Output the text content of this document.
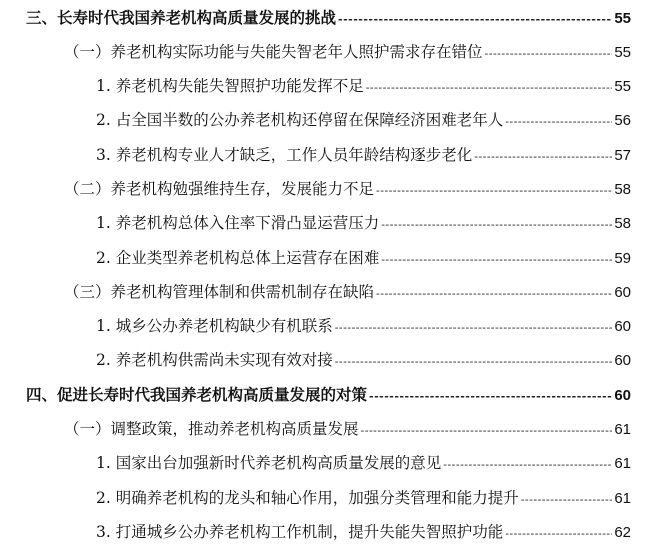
三、长寿时代我国养老机构高质量发展的挑战 -----	55
（一）养老机构实际功能与失能失智老年人照护需求存在错位 -----	55
1. 养老机构失能失智照护功能发挥不足 -----	55
2. 占全国半数的公办养老机构还停留在保障经济困难老年人 -----	56
3. 养老机构专业人才缺乏，工作人员年龄结构逐步老化 -----	57
（二）养老机构勉强维持生存，发展能力不足 -----	58
1. 养老机构总体入住率下滑凸显运营压力 -----	58
2. 企业类型养老机构总体上运营存在困难 -----	59
（三）养老机构管理体制和供需机制存在缺陷 -----	60
1. 城乡公办养老机构缺少有机联系 -----	60
2. 养老机构供需尚未实现有效对接 -----	60
四、促进长寿时代我国养老机构高质量发展的对策 -----	60
（一）调整政策，推动养老机构高质量发展 -----	61
1. 国家出台加强新时代养老机构高质量发展的意见 -----	61
2. 明确养老机构的龙头和轴心作用，加强分类管理和能力提升 -----	61
3. 打通城乡公办养老机构工作机制，提升失能失智照护功能 -----	62
